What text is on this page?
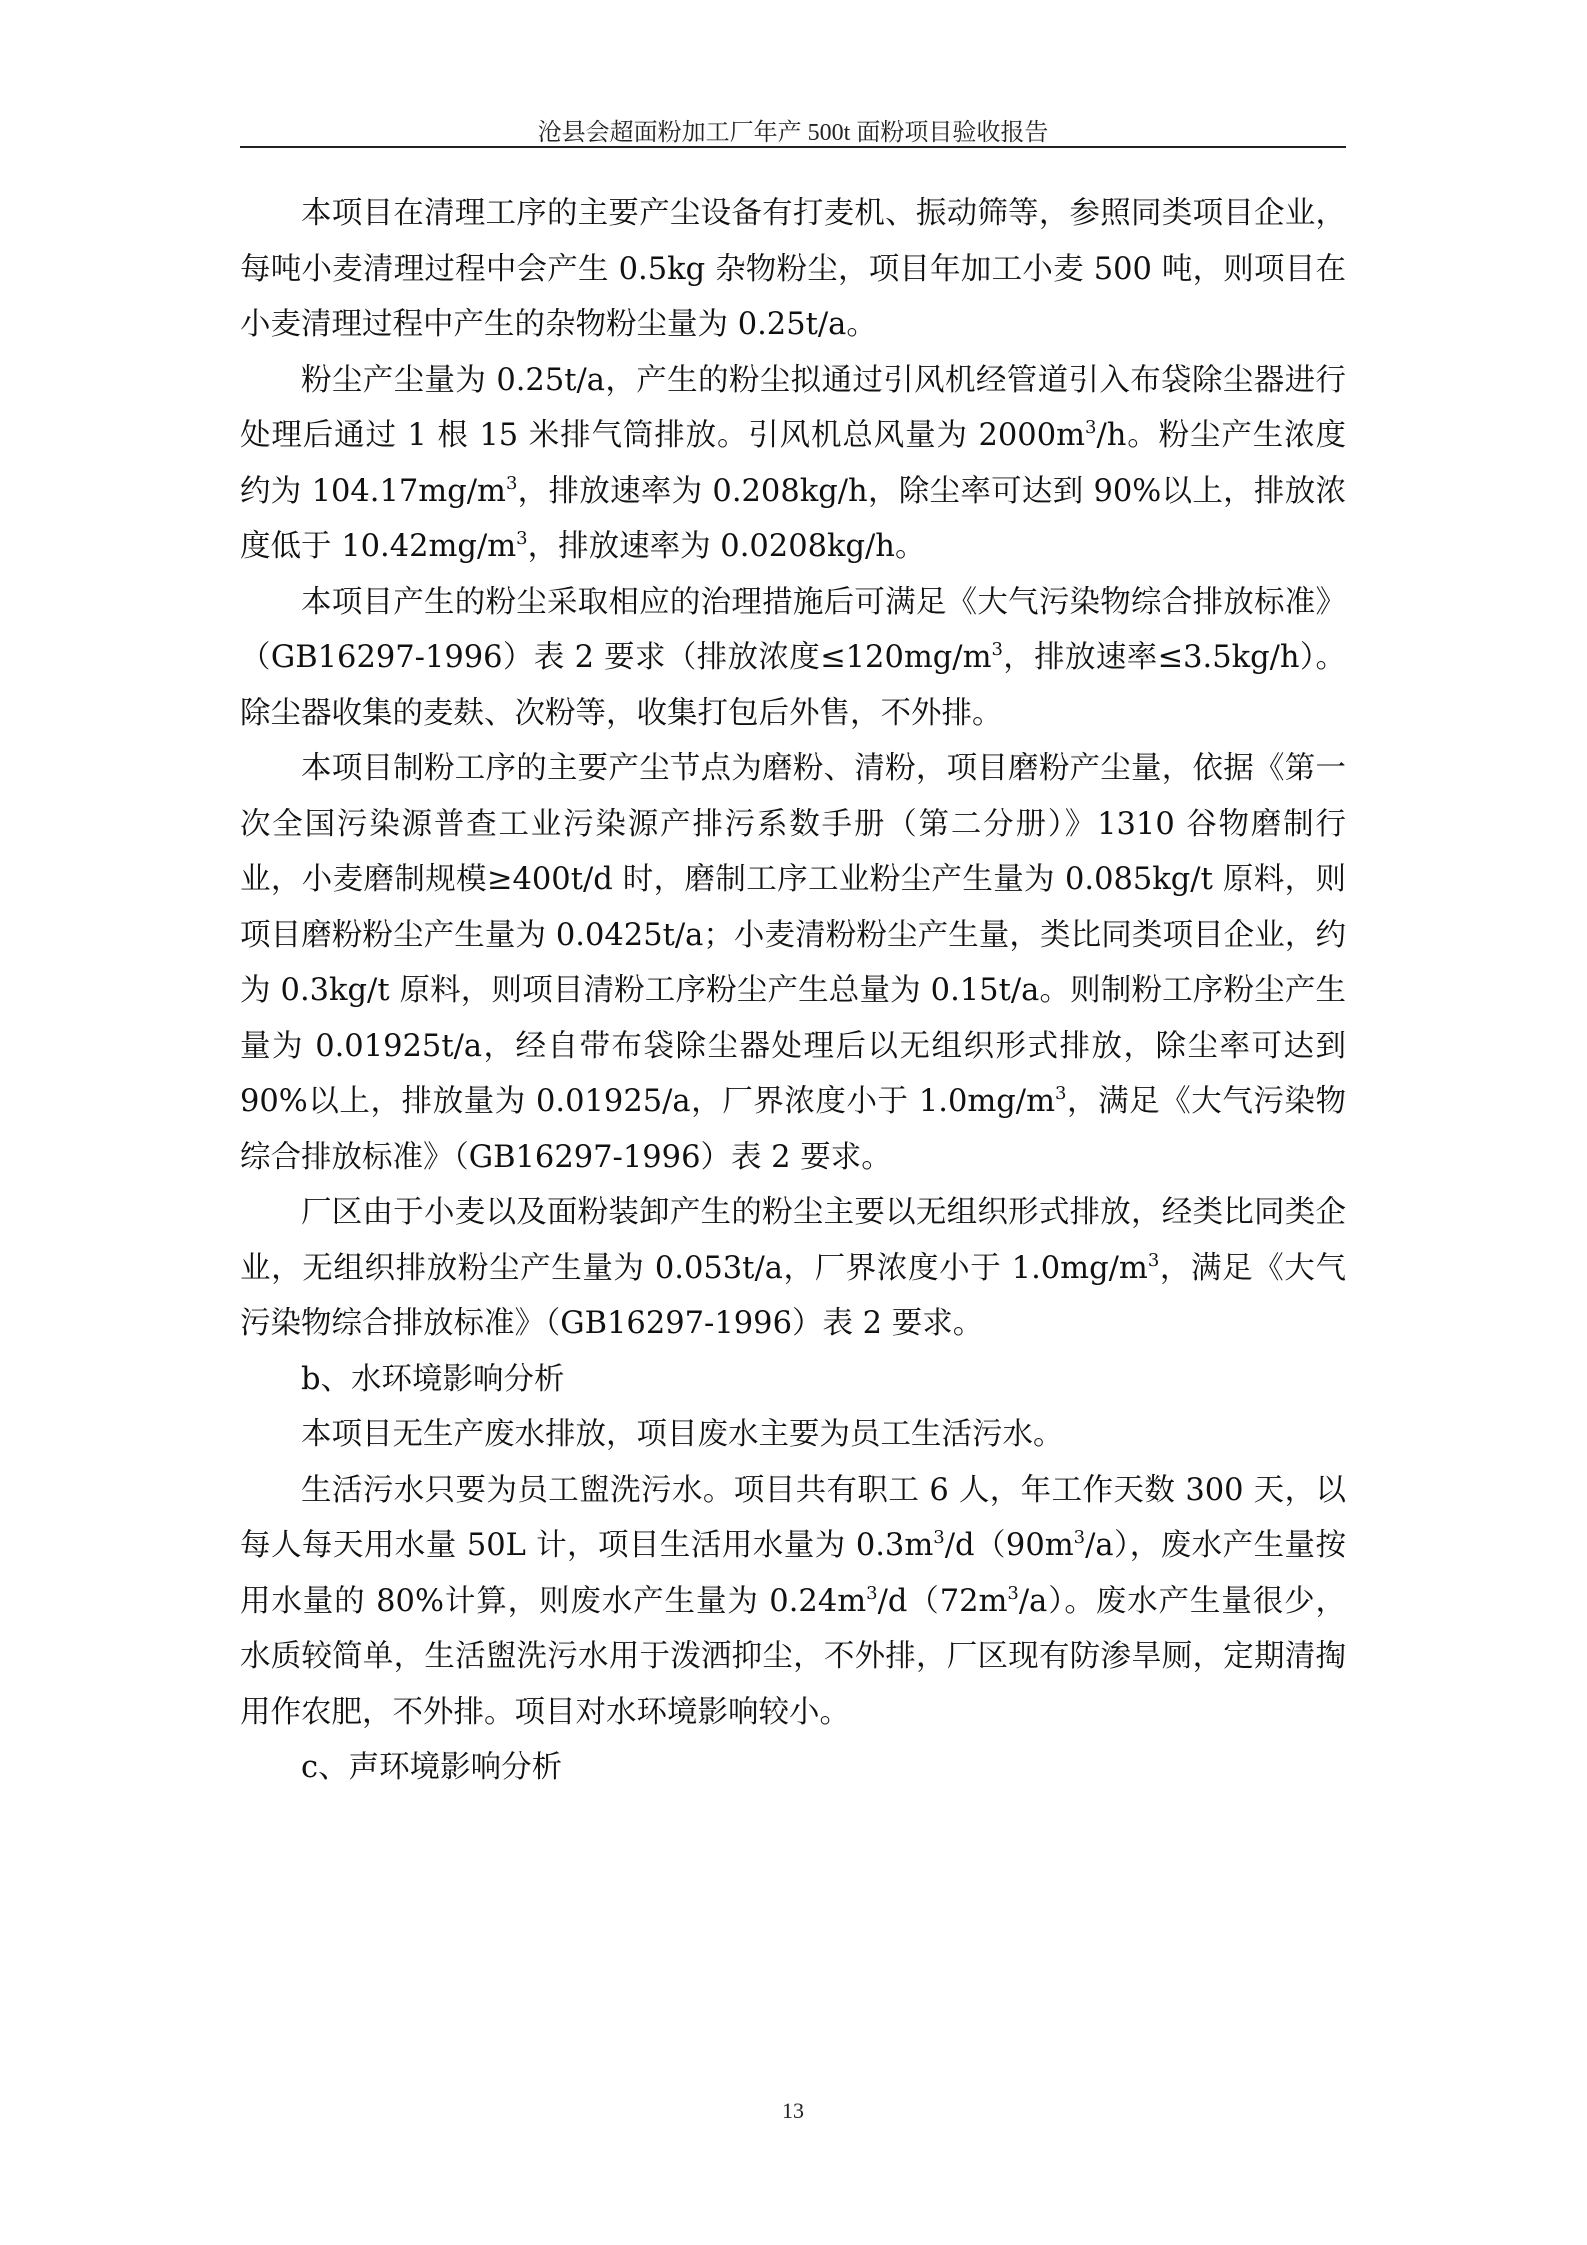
沧县会超面粉加工厂年产 500t 面粉项目验收报告

本项目在清理工序的主要产尘设备有打麦机、振动筛等，参照同类项目企业，每吨小麦清理过程中会产生 0.5kg 杂物粉尘，项目年加工小麦 500 吨，则项目在小麦清理过程中产生的杂物粉尘量为 0.25t/a。

粉尘产尘量为 0.25t/a，产生的粉尘拟通过引风机经管道引入布袋除尘器进行处理后通过 1 根 15 米排气筒排放。引风机总风量为 $2000m^3/h$。粉尘产生浓度约为 $104.17mg/m^3$，排放速率为 0.208kg/h，除尘率可达到 90%以上，排放浓度低于 $10.42mg/m^3$，排放速率为 0.0208kg/h。

本项目产生的粉尘采取相应的治理措施后可满足《大气污染物综合排放标准》（GB16297-1996）表 2 要求（排放浓度$\le 120mg/m^3$，排放速率≤3.5kg/h）。除尘器收集的麦麸、次粉等，收集打包后外售，不外排。

本项目制粉工序的主要产尘节点为磨粉、清粉，项目磨粉产尘量，依据《第一次全国污染源普查工业污染源产排污系数手册（第二分册）》1310 谷物磨制行业，小麦磨制规模≥400t/d 时，磨制工序工业粉尘产生量为 0.085kg/t 原料，则项目磨粉粉尘产生量为 0.0425t/a；小麦清粉粉尘产生量，类比同类项目企业，约为 0.3kg/t 原料，则项目清粉工序粉尘产生总量为 0.15t/a。则制粉工序粉尘产生量为 0.01925t/a，经自带布袋除尘器处理后以无组织形式排放，除尘率可达到 90%以上，排放量为 0.01925/a，厂界浓度小于 $1.0mg/m^3$，满足《大气污染物综合排放标准》（GB16297-1996）表 2 要求。

厂区由于小麦以及面粉装卸产生的粉尘主要以无组织形式排放，经类比同类企业，无组织排放粉尘产生量为 0.053t/a，厂界浓度小于 $1.0mg/m^3$，满足《大气污染物综合排放标准》（GB16297-1996）表 2 要求。

b、水环境影响分析

本项目无生产废水排放，项目废水主要为员工生活污水。

生活污水只要为员工盥洗污水。项目共有职工 6 人，年工作天数 300 天，以每人每天用水量 50L 计，项目生活用水量为 $0.3m^3/d(90m^3/a)$，废水产生量按用水量的 80%计算，则废水产生量为 $0.24m^3/d(72m^3/a)$。废水产生量很少，水质较简单，生活盥洗污水用于泼洒抑尘，不外排，厂区现有防渗旱厕，定期清掏用作农肥，不外排。项目对水环境影响较小。

c、声环境影响分析

13
